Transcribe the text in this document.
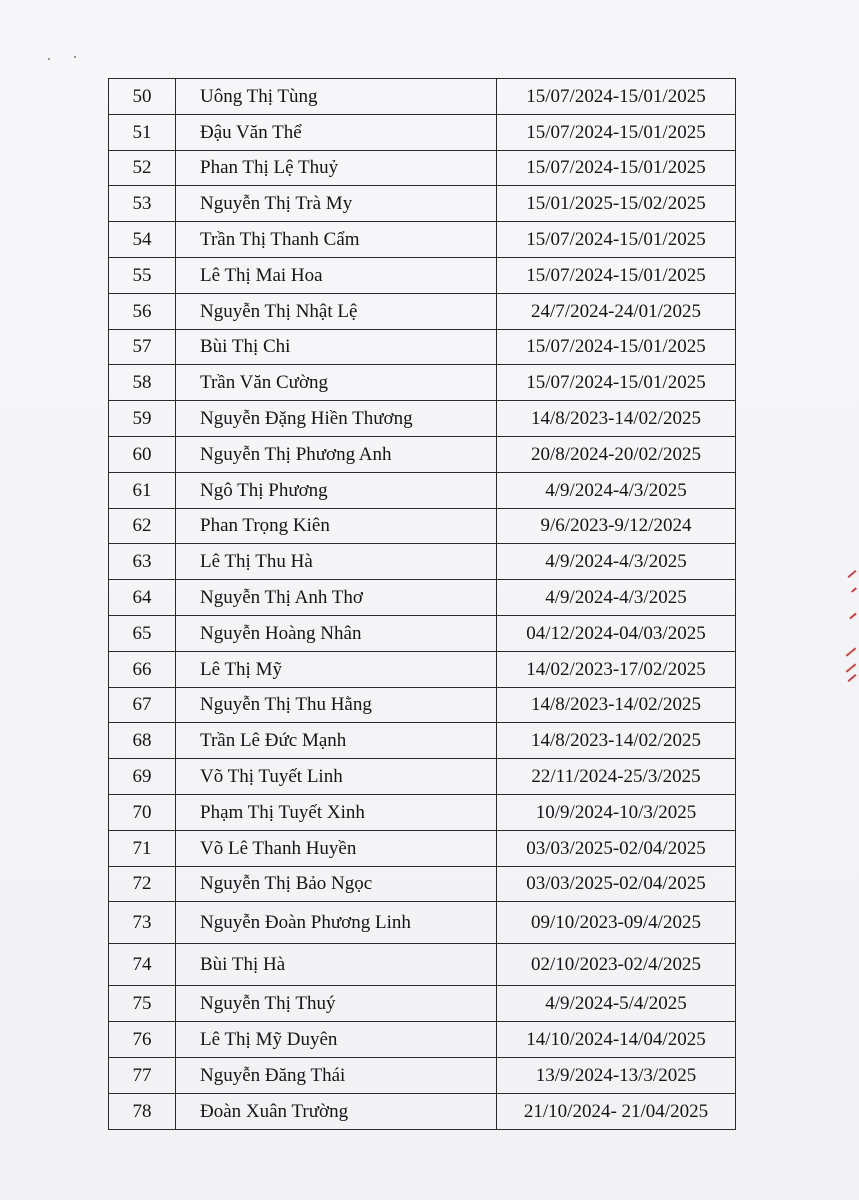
50	Uông Thị Tùng	15/07/2024-15/01/2025
51	Đậu Văn Thể	15/07/2024-15/01/2025
52	Phan Thị Lệ Thuỷ	15/07/2024-15/01/2025
53	Nguyễn Thị Trà My	15/01/2025-15/02/2025
54	Trần Thị Thanh Cẩm	15/07/2024-15/01/2025
55	Lê Thị Mai Hoa	15/07/2024-15/01/2025
56	Nguyễn Thị Nhật Lệ	24/7/2024-24/01/2025
57	Bùi Thị Chi	15/07/2024-15/01/2025
58	Trần Văn Cường	15/07/2024-15/01/2025
59	Nguyễn Đặng Hiền Thương	14/8/2023-14/02/2025
60	Nguyễn Thị Phương Anh	20/8/2024-20/02/2025
61	Ngô Thị Phương	4/9/2024-4/3/2025
62	Phan Trọng Kiên	9/6/2023-9/12/2024
63	Lê Thị Thu Hà	4/9/2024-4/3/2025
64	Nguyễn Thị Anh Thơ	4/9/2024-4/3/2025
65	Nguyễn Hoàng Nhân	04/12/2024-04/03/2025
66	Lê Thị Mỹ	14/02/2023-17/02/2025
67	Nguyễn Thị Thu Hằng	14/8/2023-14/02/2025
68	Trần Lê Đức Mạnh	14/8/2023-14/02/2025
69	Võ Thị Tuyết Linh	22/11/2024-25/3/2025
70	Phạm Thị Tuyết Xinh	10/9/2024-10/3/2025
71	Võ Lê Thanh Huyền	03/03/2025-02/04/2025
72	Nguyễn Thị Bảo Ngọc	03/03/2025-02/04/2025
73	Nguyễn Đoàn Phương Linh	09/10/2023-09/4/2025
74	Bùi Thị Hà	02/10/2023-02/4/2025
75	Nguyễn Thị Thuý	4/9/2024-5/4/2025
76	Lê Thị Mỹ Duyên	14/10/2024-14/04/2025
77	Nguyễn Đăng Thái	13/9/2024-13/3/2025
78	Đoàn Xuân Trường	21/10/2024- 21/04/2025
